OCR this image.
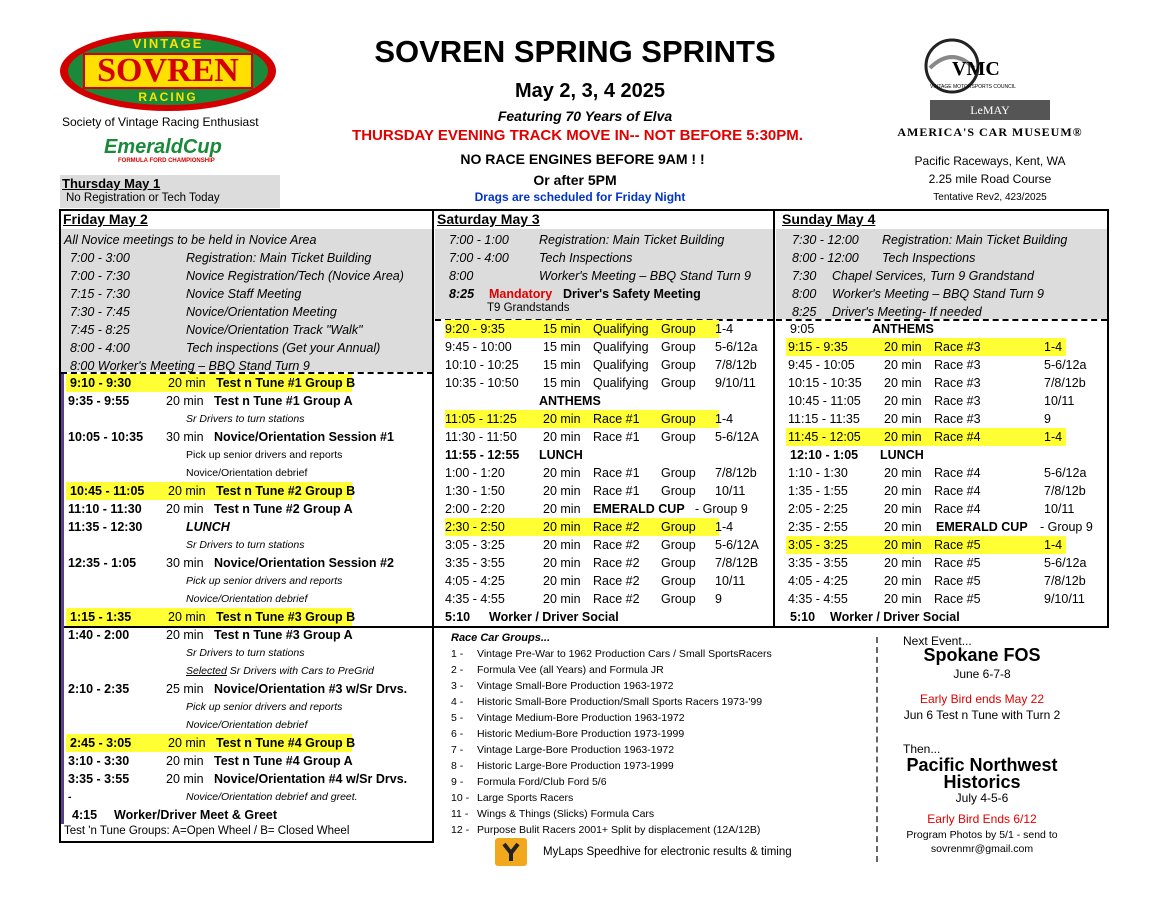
VINTAGE
SOVREN
RACING
Society of Vintage Racing Enthusiast
EmeraldCup
FORMULA FORD CHAMPIONSHIP
SOVREN SPRING SPRINTS
May 2, 3, 4 2025
Featuring 70 Years of Elva
THURSDAY EVENING TRACK MOVE IN-- NOT BEFORE 5:30PM.
NO RACE ENGINES BEFORE 9AM ! !
Or after 5PM
Drags are scheduled for Friday Night
VMC
VINTAGE MOTORSPORTS COUNCIL
LeMAY
AMERICA'S CAR MUSEUM®
Pacific Raceways, Kent, WA
2.25 mile Road Course
Tentative Rev2, 423/2025
Thursday May 1
No Registration or Tech Today
Friday May 2	Saturday May 3	Sunday May 4
All Novice meetings to be held in Novice Area
7:00 - 3:00	Registration: Main Ticket Building
7:00 - 7:30	Novice Registration/Tech (Novice Area)
7:15 - 7:30	Novice Staff Meeting
7:30 - 7:45	Novice/Orientation Meeting
7:45 - 8:25	Novice/Orientation Track "Walk"
8:00 - 4:00	Tech inspections (Get your Annual)
8:00 Worker's Meeting – BBQ Stand Turn 9
9:10 - 9:30	20 min Test n Tune #1 Group B
9:35 - 9:55	20 min Test n Tune #1 Group A
Sr Drivers to turn stations
10:05 - 10:35 30 min Novice/Orientation Session #1
Pick up senior drivers and reports
Novice/Orientation debrief
10:45 - 11:05 20 min Test n Tune #2 Group B
11:10 - 11:30 20 min Test n Tune #2 Group A
11:35 - 12:30	LUNCH
Sr Drivers to turn stations
12:35 - 1:05 30 min Novice/Orientation Session #2
Pick up senior drivers and reports
Novice/Orientation debrief
1:15 - 1:35	20 min Test n Tune #3 Group B
1:40 - 2:00	20 min Test n Tune #3 Group A
Sr Drivers to turn stations
Selected Sr Drivers with Cars to PreGrid
2:10 - 2:35	25 min Novice/Orientation #3 w/Sr Drvs.
Pick up senior drivers and reports
Novice/Orientation debrief
2:45 - 3:05	20 min Test n Tune #4 Group B
3:10 - 3:30	20 min Test n Tune #4 Group A
3:35 - 3:55	20 min Novice/Orientation #4 w/Sr Drvs.
-	Novice/Orientation debrief and greet.
4:15 Worker/Driver Meet & Greet
Test 'n Tune Groups: A=Open Wheel / B= Closed Wheel
7:00 - 1:00 Registration: Main Ticket Building
7:00 - 4:00 Tech Inspections
8:00	Worker's Meeting – BBQ Stand Turn 9
8:25 Mandatory Driver's Safety Meeting
T9 Grandstands
9:20 - 9:35	15 min Qualifying Group 1-4
9:45 - 10:00	15 min Qualifying Group 5-6/12a
10:10 - 10:25 15 min Qualifying Group 7/8/12b
10:35 - 10:50 15 min Qualifying Group 9/10/11
ANTHEMS
11:05 - 11:25 20 min Race #1 Group 1-4
11:30 - 11:50 20 min Race #1 Group 5-6/12A
11:55 - 12:55 LUNCH
1:00 - 1:20	20 min Race #1 Group 7/8/12b
1:30 - 1:50	20 min Race #1 Group 10/11
2:00 - 2:20	20 min EMERALD CUP - Group 9
2:30 - 2:50	20 min Race #2 Group 1-4
3:05 - 3:25	20 min Race #2 Group 5-6/12A
3:35 - 3:55	20 min Race #2 Group 7/8/12B
4:05 - 4:25	20 min Race #2 Group 10/11
4:35 - 4:55	20 min Race #2 Group 9
5:10 Worker / Driver Social
7:30 - 12:00 Registration: Main Ticket Building
8:00 - 12:00 Tech Inspections
7:30 Chapel Services, Turn 9 Grandstand
8:00 Worker's Meeting – BBQ Stand Turn 9
8:25 Driver's Meeting- If needed
9:05	ANTHEMS
9:15 - 9:35	20 min Race #3	1-4
9:45 - 10:05 20 min Race #3	5-6/12a
10:15 - 10:35 20 min Race #3	7/8/12b
10:45 - 11:05 20 min Race #3	10/11
11:15 - 11:35 20 min Race #3	9
11:45 - 12:05 20 min Race #4	1-4
12:10 - 1:05 LUNCH
1:10 - 1:30	20 min Race #4	5-6/12a
1:35 - 1:55	20 min Race #4	7/8/12b
2:05 - 2:25	20 min Race #4	10/11
2:35 - 2:55	20 min EMERALD CUP - Group 9
3:05 - 3:25	20 min Race #5	1-4
3:35 - 3:55	20 min Race #5	5-6/12a
4:05 - 4:25	20 min Race #5	7/8/12b
4:35 - 4:55	20 min Race #5	9/10/11
5:10 Worker / Driver Social
Race Car Groups...
1 - Vintage Pre-War to 1962 Production Cars / Small SportsRacers
2 - Formula Vee (all Years) and Formula JR
3 - Vintage Small-Bore Production 1963-1972
4 - Historic Small-Bore Production/Small Sports Racers 1973-'99
5 - Vintage Medium-Bore Production 1963-1972
6 - Historic Medium-Bore Production 1973-1999
7 - Vintage Large-Bore Production 1963-1972
8 - Historic Large-Bore Production 1973-1999
9 - Formula Ford/Club Ford 5/6
10 - Large Sports Racers
11 - Wings & Things (Slicks) Formula Cars
12 - Purpose Bulit Racers 2001+ Split by displacement (12A/12B)
MyLaps Speedhive for electronic results & timing
Next Event...
Spokane FOS
June 6-7-8
Early Bird ends May 22
Jun 6 Test n Tune with Turn 2
Then...
Pacific Northwest
Historics
July 4-5-6
Early Bird Ends 6/12
Program Photos by 5/1 - send to
sovrenmr@gmail.com
